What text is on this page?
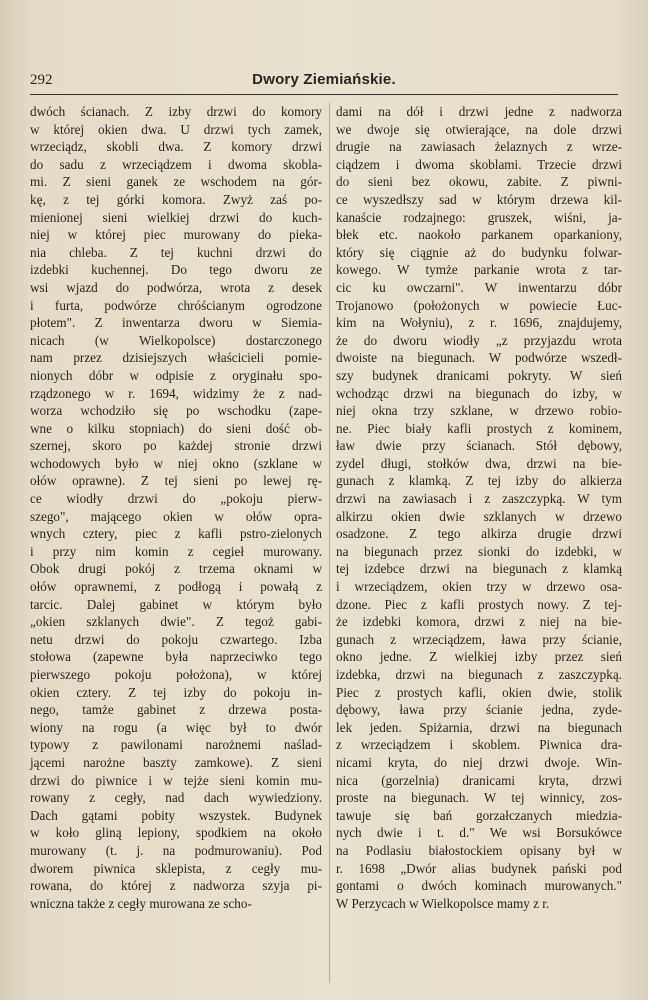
292	Dwory Ziemiańskie.
dwóch ścianach. Z izby drzwi do komory
w której okien dwa. U drzwi tych zamek,
wrzeciądz, skobli dwa. Z komory drzwi
do sadu z wrzeciądzem i dwoma skobla-
mi. Z sieni ganek ze wschodem na gór-
kę, z tej górki komora. Zwyż zaś po-
mienionej sieni wielkiej drzwi do kuch-
niej w której piec murowany do pieka-
nia chleba. Z tej kuchni drzwi do
izdebki kuchennej. Do tego dworu ze
wsi wjazd do podwórza, wrota z desek
i furta, podwórze chróścianym ogrodzone
płotem". Z inwentarza dworu w Siemia-
nicach (w Wielkopolsce) dostarczonego
nam przez dzisiejszych właścicieli pomie-
nionych dóbr w odpisie z oryginału spo-
rządzonego w r. 1694, widzimy że z nad-
worza wchodziło się po wschodku (zape-
wne o kilku stopniach) do sieni dość ob-
szernej, skoro po każdej stronie drzwi
wchodowych było w niej okno (szklane w
ołów oprawne). Z tej sieni po lewej rę-
ce wiodły drzwi do „pokoju pierw-
szego", mającego okien w ołów opra-
wnych cztery, piec z kafli pstro-zielonych
i przy nim komin z cegieł murowany.
Obok drugi pokój z trzema oknami w
ołów oprawnemi, z podłogą i powałą z
tarcic. Dalej gabinet w którym było
„okien szklanych dwie". Z tegoż gabi-
netu drzwi do pokoju czwartego. Izba
stołowa (zapewne była naprzeciwko tego
pierwszego pokoju położona), w której
okien cztery. Z tej izby do pokoju in-
nego, tamże gabinet z drzewa posta-
wiony na rogu (a więc był to dwór
typowy z pawilonami narożnemi naślad-
jącemi narożne baszty zamkowe). Z sieni
drzwi do piwnice i w tejże sieni komin mu-
rowany z cegły, nad dach wywiedziony.
Dach gątami pobity wszystek. Budynek
w koło gliną lepiony, spodkiem na około
murowany (t. j. na podmurowaniu). Pod
dworem piwnica sklepista, z cegły mu-
rowana, do której z nadworza szyja pi-
wniczna także z cegły murowana ze scho-
dami na dół i drzwi jedne z nadworza
we dwoje się otwierające, na dole drzwi
drugie na zawiasach żelaznych z wrze-
ciądzem i dwoma skoblami. Trzecie drzwi
do sieni bez okowu, zabite. Z piwni-
ce wyszedłszy sad w którym drzewa kil-
kanaście rodzajnego: gruszek, wiśni, ja-
błek etc. naokoło parkanem oparkaniony,
który się ciągnie aż do budynku folwar-
kowego. W tymże parkanie wrota z tar-
cic ku owczarni". W inwentarzu dóbr
Trojanowo (położonych w powiecie Łuc-
kim na Wołyniu), z r. 1696, znajdujemy,
że do dworu wiodły „z przyjazdu wrota
dwoiste na biegunach. W podwórze wszedł-
szy budynek dranicami pokryty. W sień
wchodząc drzwi na biegunach do izby, w
niej okna trzy szklane, w drzewo robio-
ne. Piec biały kafli prostych z kominem,
ław dwie przy ścianach. Stół dębowy,
zydel długi, stołków dwa, drzwi na bie-
gunach z klamką. Z tej izby do alkierza
drzwi na zawiasach i z zaszczypką. W tym
alkirzu okien dwie szklanych w drzewo
osadzone. Z tego alkirza drugie drzwi
na biegunach przez sionki do izdebki, w
tej izdebce drzwi na biegunach z klamką
i wrzeciądzem, okien trzy w drzewo osa-
dzone. Piec z kafli prostych nowy. Z tej-
że izdebki komora, drzwi z niej na bie-
gunach z wrzeciądzem, ława przy ścianie,
okno jedne. Z wielkiej izby przez sień
izdebka, drzwi na biegunach z zaszczypką.
Piec z prostych kafli, okien dwie, stolik
dębowy, ława przy ścianie jedna, zyde-
lek jeden. Spiżarnia, drzwi na biegunach
z wrzeciądzem i skoblem. Piwnica dra-
nicami kryta, do niej drzwi dwoje. Win-
nica (gorzelnia) dranicami kryta, drzwi
proste na biegunach. W tej winnicy, zos-
tawuje się bań gorzałczanych miedzia-
nych dwie i t. d." We wsi Borsukówce
na Podlasiu białostockiem opisany był w
r. 1698 „Dwór alias budynek pański pod
gontami o dwóch kominach murowanych."
W Perzycach w Wielkopolsce mamy z r.
